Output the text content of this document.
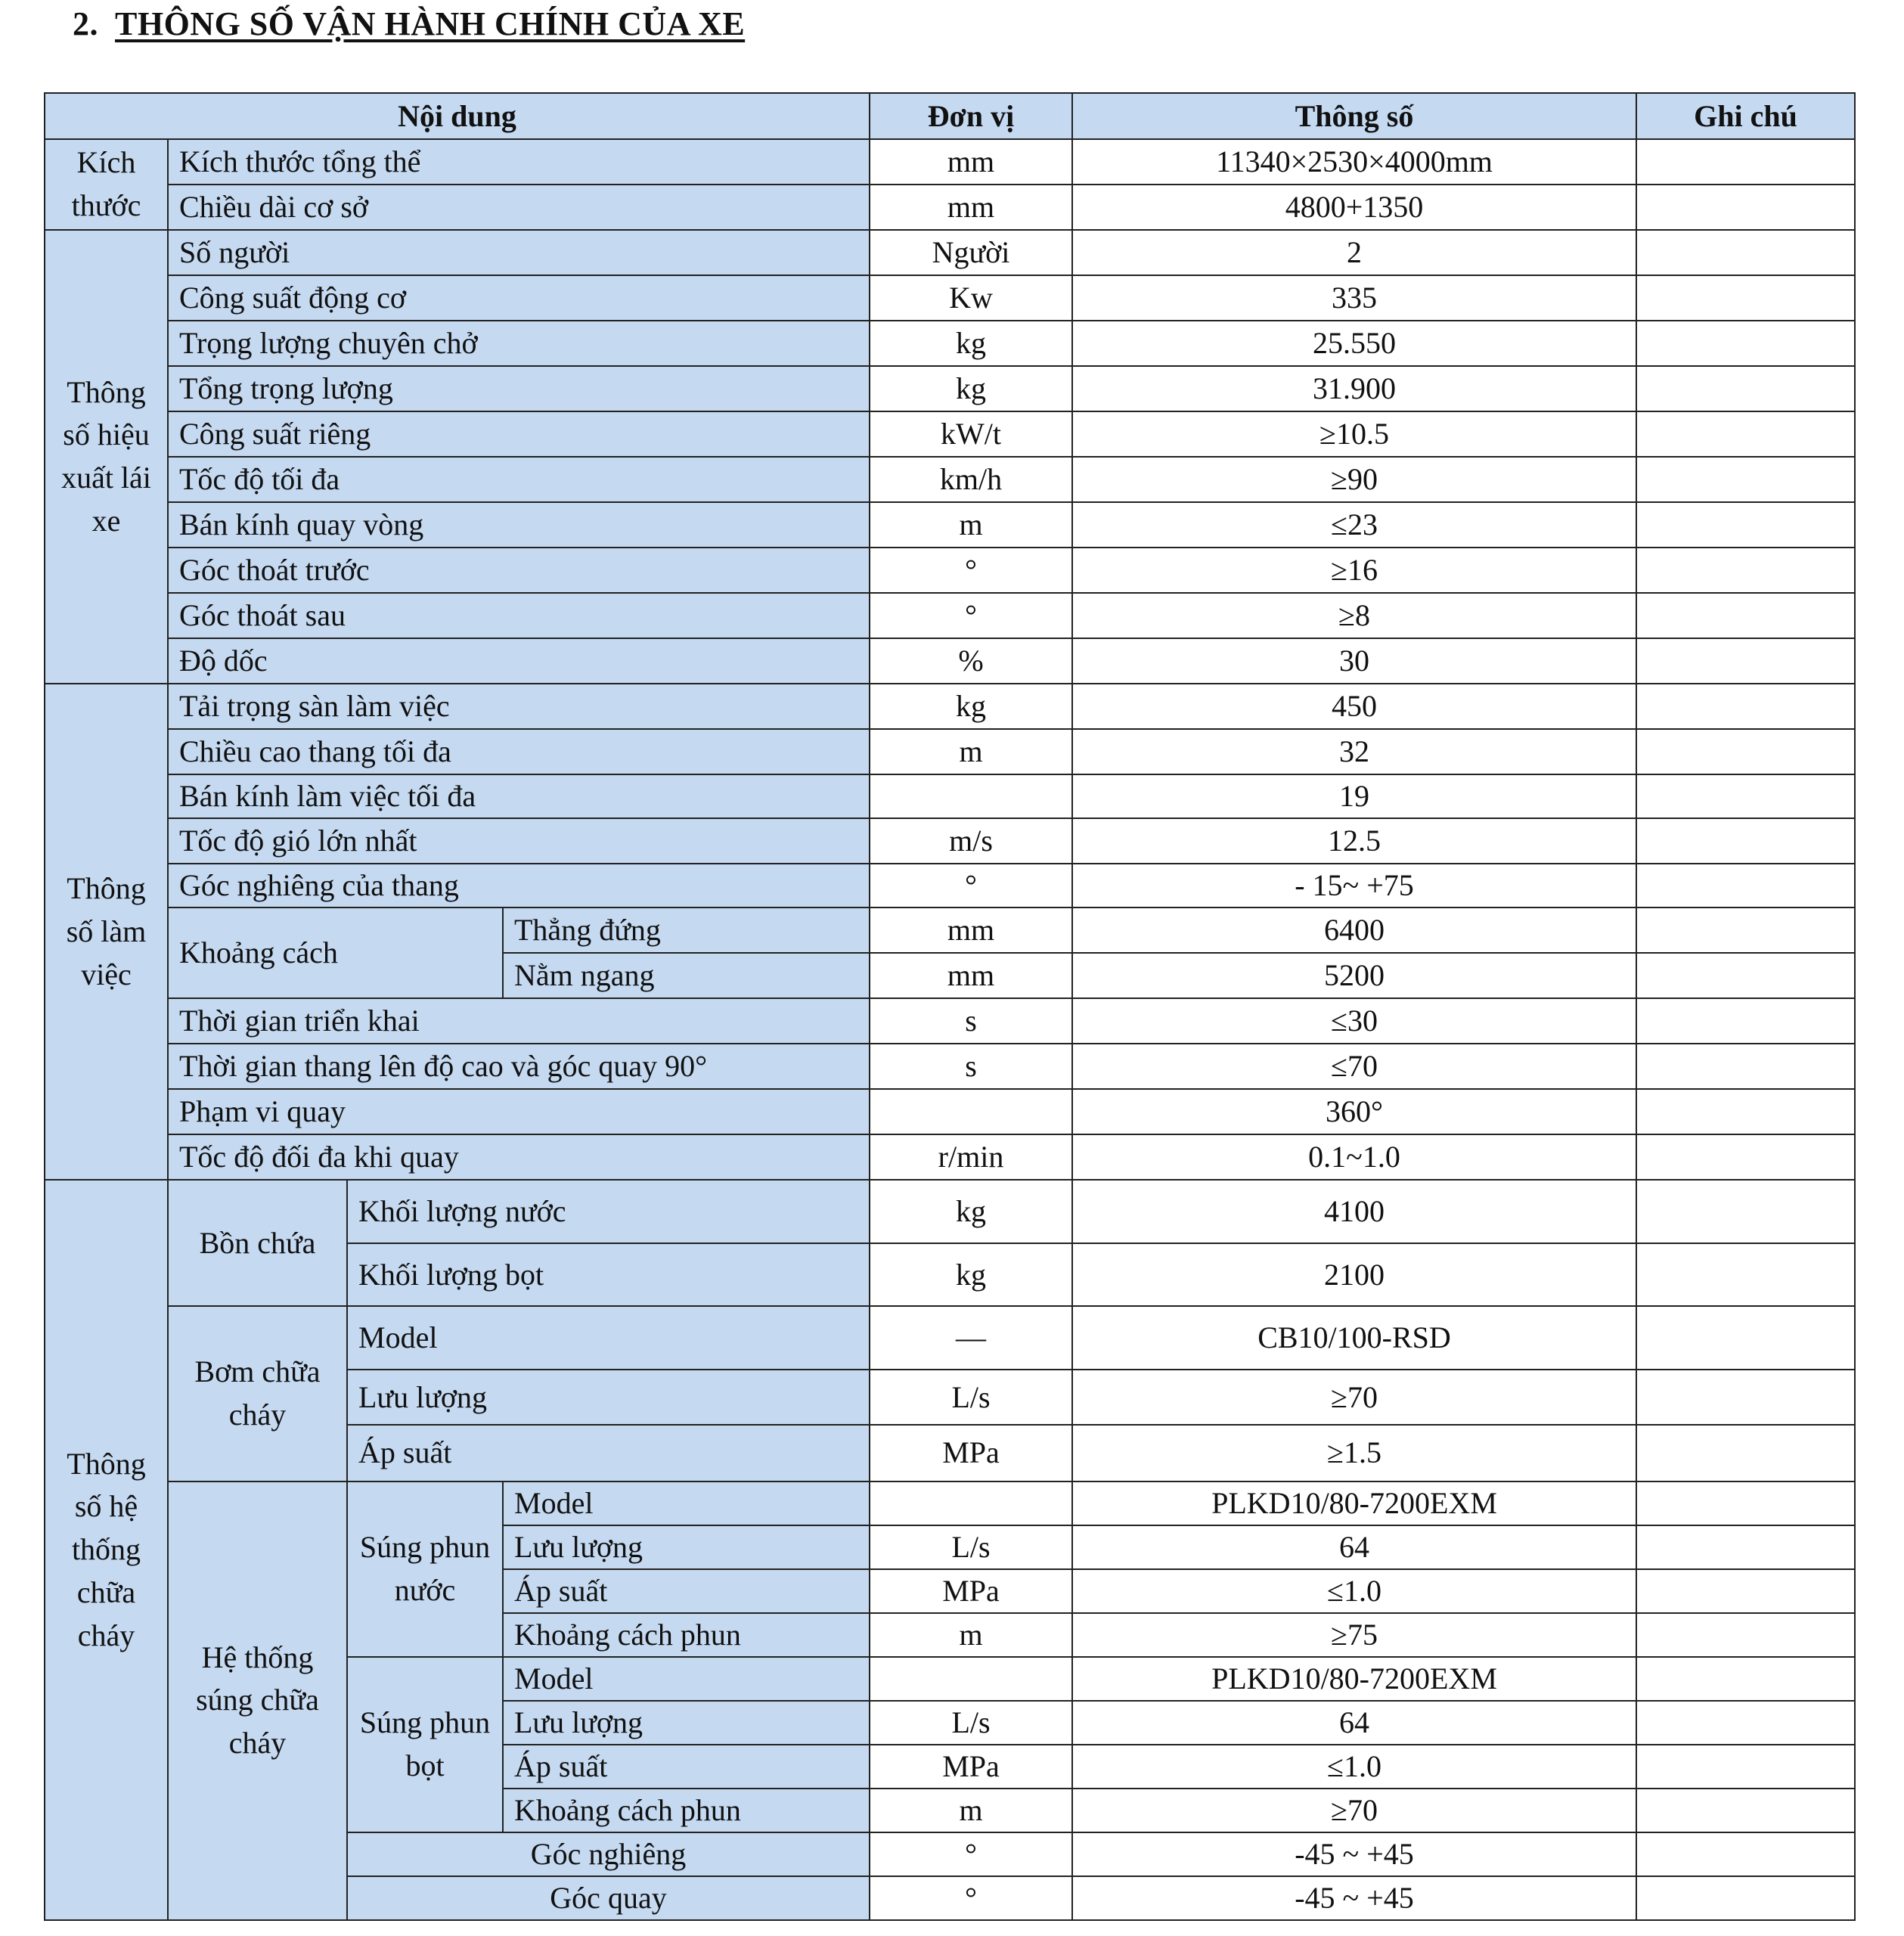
2. THÔNG SỐ VẬN HÀNH CHÍNH CỦA XE
Nội dung				Đơn vị	Thông số	Ghi chú
Kích thước	Kích thước tổng thể			mm	11340×2530×4000mm	
	Chiều dài cơ sở			mm	4800+1350	
Thông số hiệu xuất lái xe	Số người			Người	2	
	Công suất động cơ			Kw	335	
	Trọng lượng chuyên chở			kg	25.550	
	Tổng trọng lượng			kg	31.900	
	Công suất riêng			kW/t	≥10.5	
	Tốc độ tối đa			km/h	≥90	
	Bán kính quay vòng			m	≤23	
	Góc thoát trước			°	≥16	
	Góc thoát sau			°	≥8	
	Độ dốc			%	30	
Thông số làm việc	Tải trọng sàn làm việc			kg	450	
	Chiều cao thang tối đa			m	32	
	Bán kính làm việc tối đa				19	
	Tốc độ gió lớn nhất			m/s	12.5	
	Góc nghiêng của thang			°	- 15~ +75	
	Khoảng cách		Thẳng đứng	mm	6400	
			Nằm ngang	mm	5200	
	Thời gian triển khai			s	≤30	
	Thời gian thang lên độ cao và góc quay 90°			s	≤70	
	Phạm vi quay				360°	
	Tốc độ đối đa khi quay			r/min	0.1~1.0	
Thông số hệ thống chữa cháy	Bồn chứa	Khối lượng nước		kg	4100	
		Khối lượng bọt		kg	2100	
	Bơm chữa cháy	Model		—	CB10/100-RSD	
		Lưu lượng		L/s	≥70	
		Áp suất		MPa	≥1.5	
	Hệ thống súng chữa cháy	Súng phun nước	Model		PLKD10/80-7200EXM	
			Lưu lượng	L/s	64	
			Áp suất	MPa	≤1.0	
			Khoảng cách phun	m	≥75	
		Súng phun bọt	Model		PLKD10/80-7200EXM	
			Lưu lượng	L/s	64	
			Áp suất	MPa	≤1.0	
			Khoảng cách phun	m	≥70	
		Góc nghiêng		°	-45 ~ +45	
		Góc quay		°	-45 ~ +45	
